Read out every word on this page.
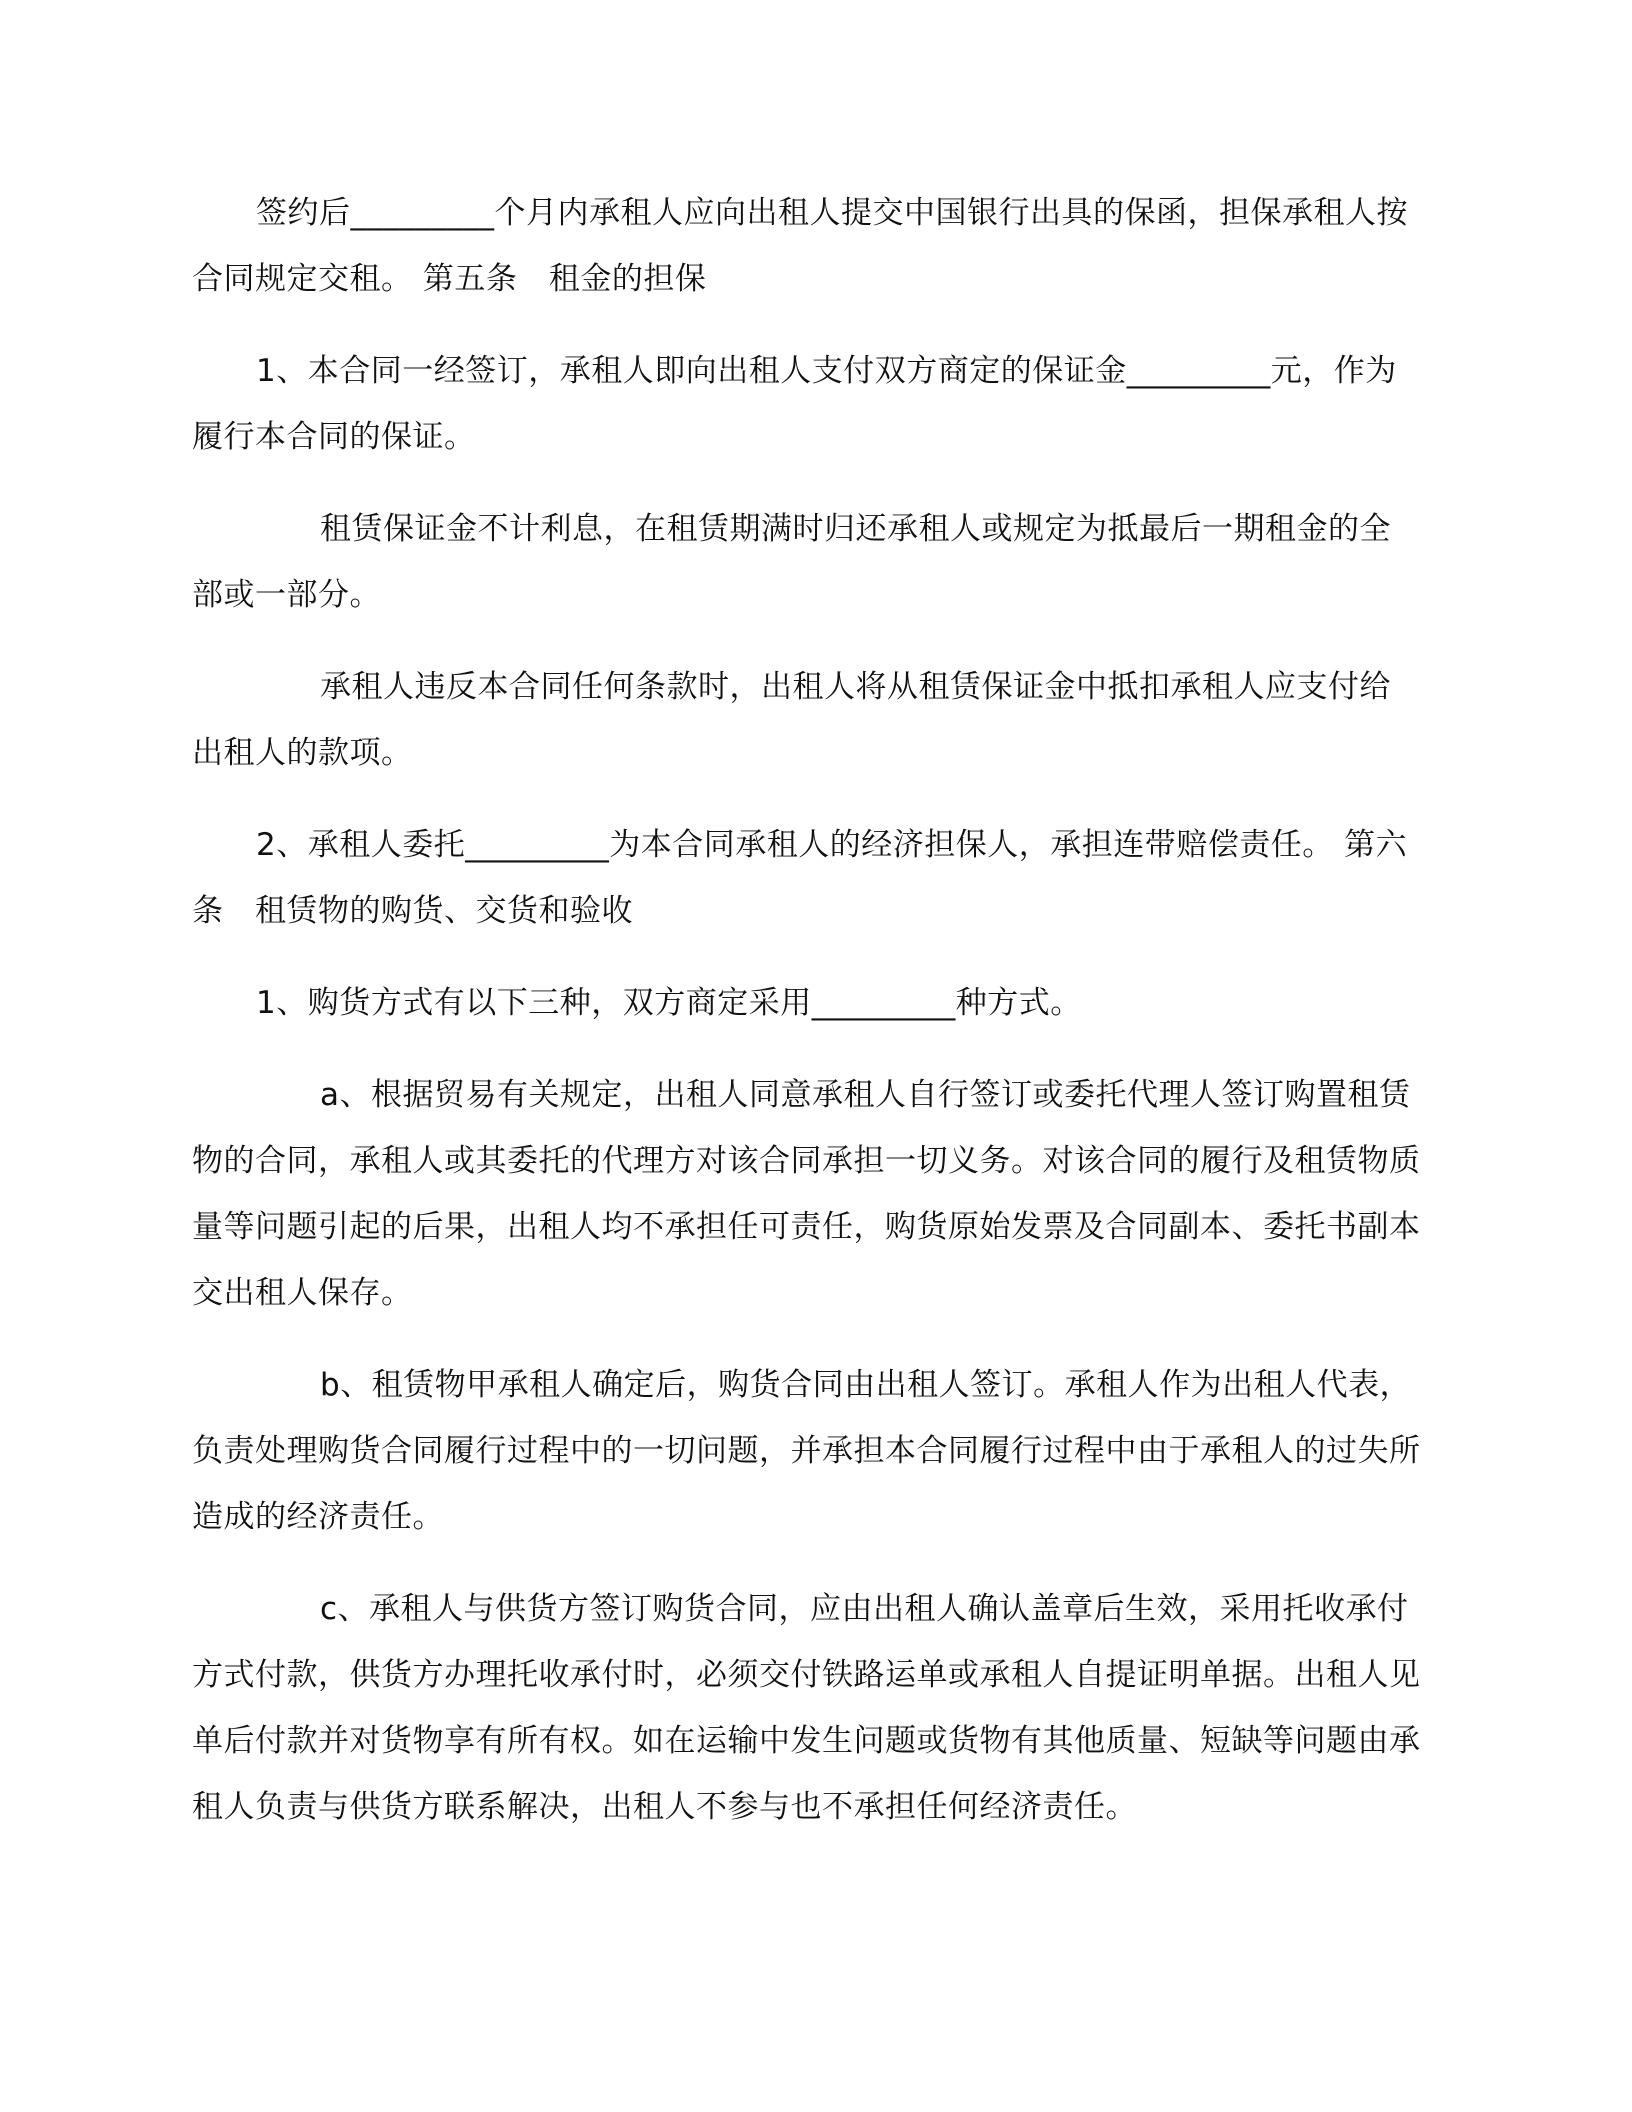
签约后_________个月内承租人应向出租人提交中国银行出具的保函，担保承租人按合同规定交租。 第五条　租金的担保

1、本合同一经签订，承租人即向出租人支付双方商定的保证金_________元，作为履行本合同的保证。

租赁保证金不计利息，在租赁期满时归还承租人或规定为抵最后一期租金的全部或一部分。

承租人违反本合同任何条款时，出租人将从租赁保证金中抵扣承租人应支付给出租人的款项。

2、承租人委托_________为本合同承租人的经济担保人，承担连带赔偿责任。 第六条　租赁物的购货、交货和验收

1、购货方式有以下三种，双方商定采用_________种方式。

a、根据贸易有关规定，出租人同意承租人自行签订或委托代理人签订购置租赁物的合同，承租人或其委托的代理方对该合同承担一切义务。对该合同的履行及租赁物质量等问题引起的后果，出租人均不承担任可责任，购货原始发票及合同副本、委托书副本交出租人保存。

b、租赁物甲承租人确定后，购货合同由出租人签订。承租人作为出租人代表，负责处理购货合同履行过程中的一切问题，并承担本合同履行过程中由于承租人的过失所造成的经济责任。

c、承租人与供货方签订购货合同，应由出租人确认盖章后生效，采用托收承付方式付款，供货方办理托收承付时，必须交付铁路运单或承租人自提证明单据。出租人见单后付款并对货物享有所有权。如在运输中发生问题或货物有其他质量、短缺等问题由承租人负责与供货方联系解决，出租人不参与也不承担任何经济责任。
